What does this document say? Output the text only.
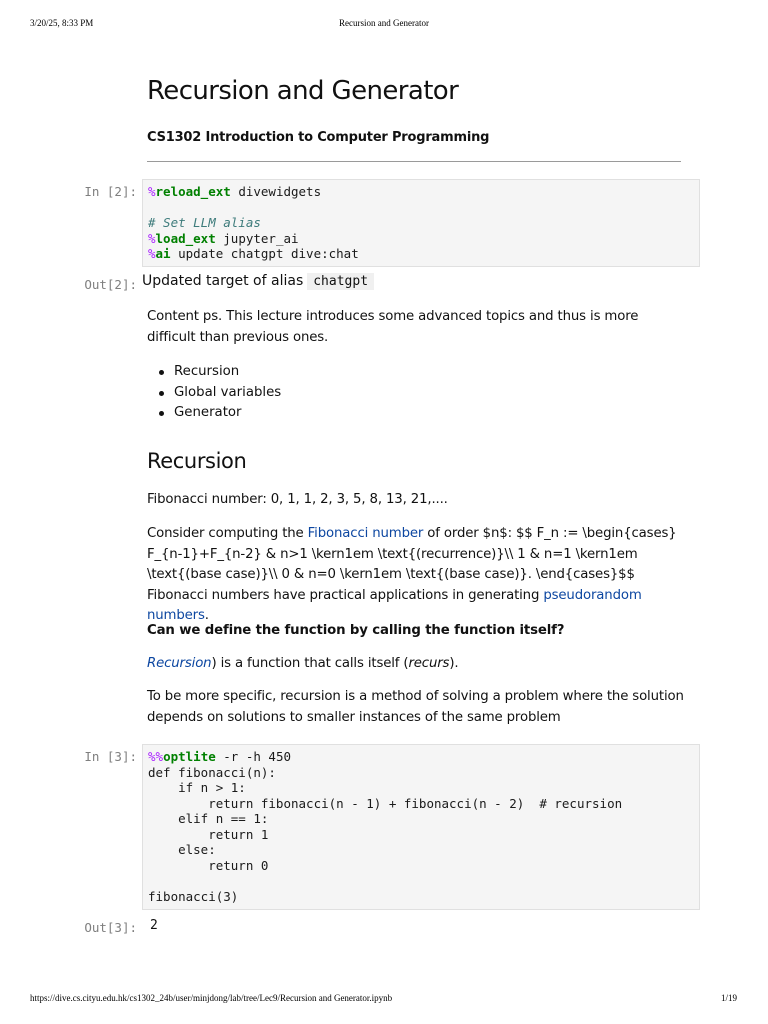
3/20/25, 8:33 PM	Recursion and Generator
Recursion and Generator
CS1302 Introduction to Computer Programming
In [2]: %reload_ext divewidgets

# Set LLM alias
%load_ext jupyter_ai
%ai update chatgpt dive:chat
Out[2]: Updated target of alias chatgpt

Content ps. This lecture introduces some advanced topics and thus is more difficult than previous ones.

Recursion
Global variables
Generator
Recursion

Fibonacci number: 0, 1, 1, 2, 3, 5, 8, 13, 21,....

Consider computing the Fibonacci number of order $n$: $$ F_n := \begin{cases} F_{n-1}+F_{n-2} & n>1 \kern1em \text{(recurrence)}\\ 1 & n=1 \kern1em \text{(base case)}\\ 0 & n=0 \kern1em \text{(base case)}. \end{cases}$$ Fibonacci numbers have practical applications in generating pseudorandom numbers.

Can we define the function by calling the function itself?

Recursion) is a function that calls itself (recurs).

To be more specific, recursion is a method of solving a problem where the solution depends on solutions to smaller instances of the same problem

In [3]: %%optlite -r -h 450
def fibonacci(n):
if n > 1:
return fibonacci(n - 1) + fibonacci(n - 2)  # recursion
elif n == 1:
return 1
else:
return 0

fibonacci(3)
Out[3]: 2
https://dive.cs.cityu.edu.hk/cs1302_24b/user/minjdong/lab/tree/Lec9/Recursion and Generator.ipynb	1/19
